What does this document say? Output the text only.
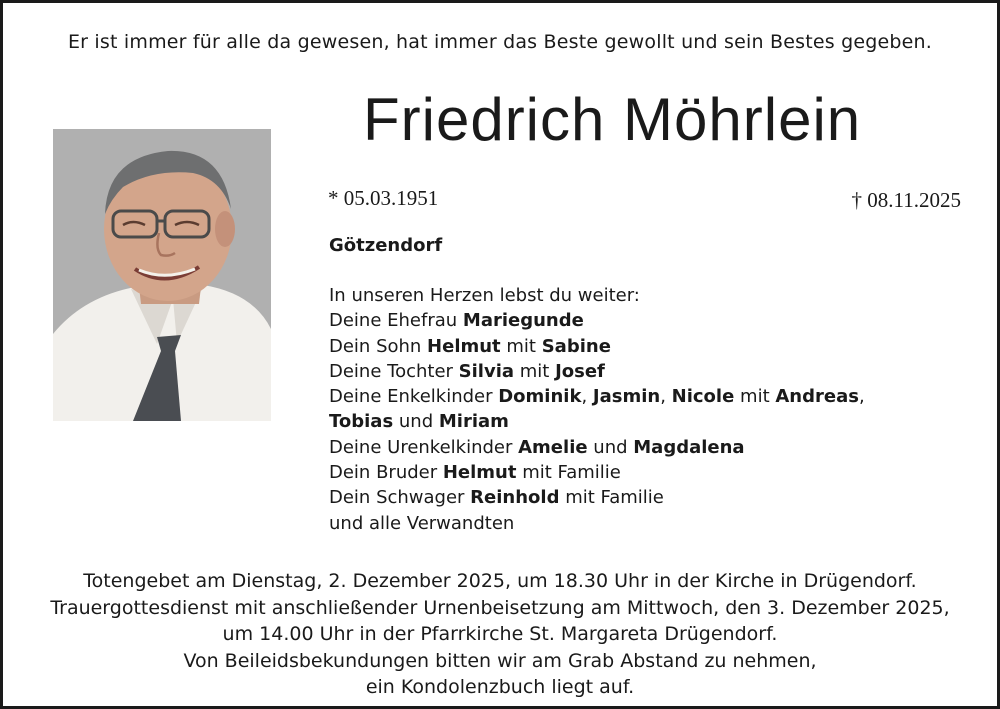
Er ist immer für alle da gewesen, hat immer das Beste gewollt und sein Bestes gegeben.
Friedrich Möhrlein
* 05.03.1951	† 08.11.2025
Götzendorf
In unseren Herzen lebst du weiter:
Deine Ehefrau Mariegunde
Dein Sohn Helmut mit Sabine
Deine Tochter Silvia mit Josef
Deine Enkelkinder Dominik, Jasmin, Nicole mit Andreas,
Tobias und Miriam
Deine Urenkelkinder Amelie und Magdalena
Dein Bruder Helmut mit Familie
Dein Schwager Reinhold mit Familie
und alle Verwandten
Totengebet am Dienstag, 2. Dezember 2025, um 18.30 Uhr in der Kirche in Drügendorf.
Trauergottesdienst mit anschließender Urnenbeisetzung am Mittwoch, den 3. Dezember 2025,
um 14.00 Uhr in der Pfarrkirche St. Margareta Drügendorf.
Von Beileidsbekundungen bitten wir am Grab Abstand zu nehmen,
ein Kondolenzbuch liegt auf.
